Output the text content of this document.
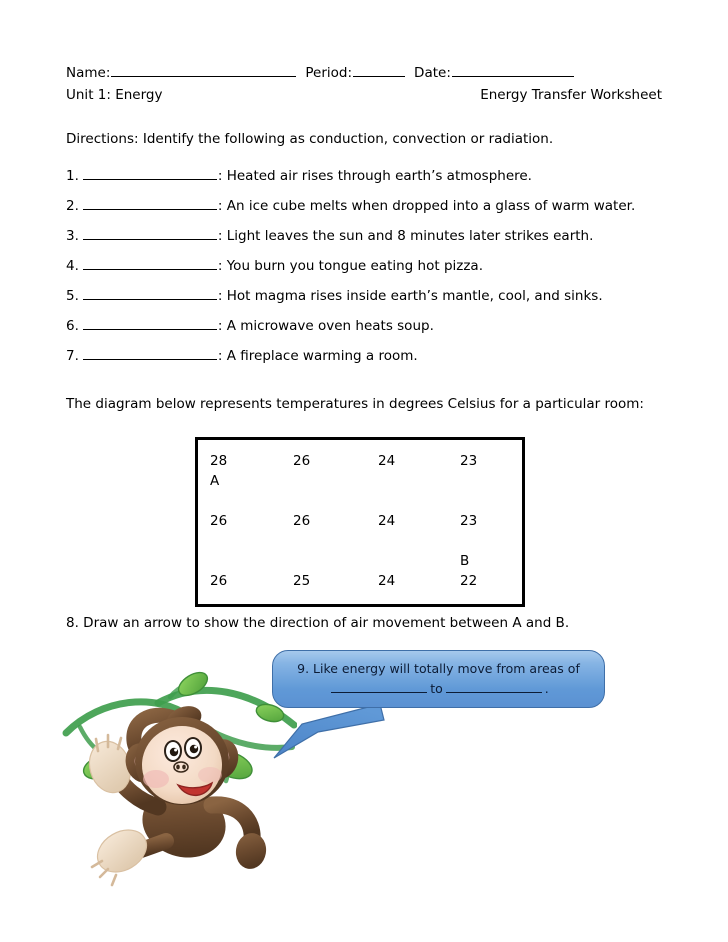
Name:	Period:	Date:
Unit 1: Energy	Energy Transfer Worksheet
Directions: Identify the following as conduction, convection or radiation.
1.	: Heated air rises through earth’s atmosphere.
2.	: An ice cube melts when dropped into a glass of warm water.
3.	: Light leaves the sun and 8 minutes later strikes earth.
4.	: You burn you tongue eating hot pizza.
5.	: Hot magma rises inside earth’s mantle, cool, and sinks.
6.	: A microwave oven heats soup.
7.	: A fireplace warming a room.
The diagram below represents temperatures in degrees Celsius for a particular room:
28	26	24	23
26	26	24	23
26	25	24	22
A
B
8. Draw an arrow to show the direction of air movement between A and B.
9. Like energy will totally move from areas of
to	.
